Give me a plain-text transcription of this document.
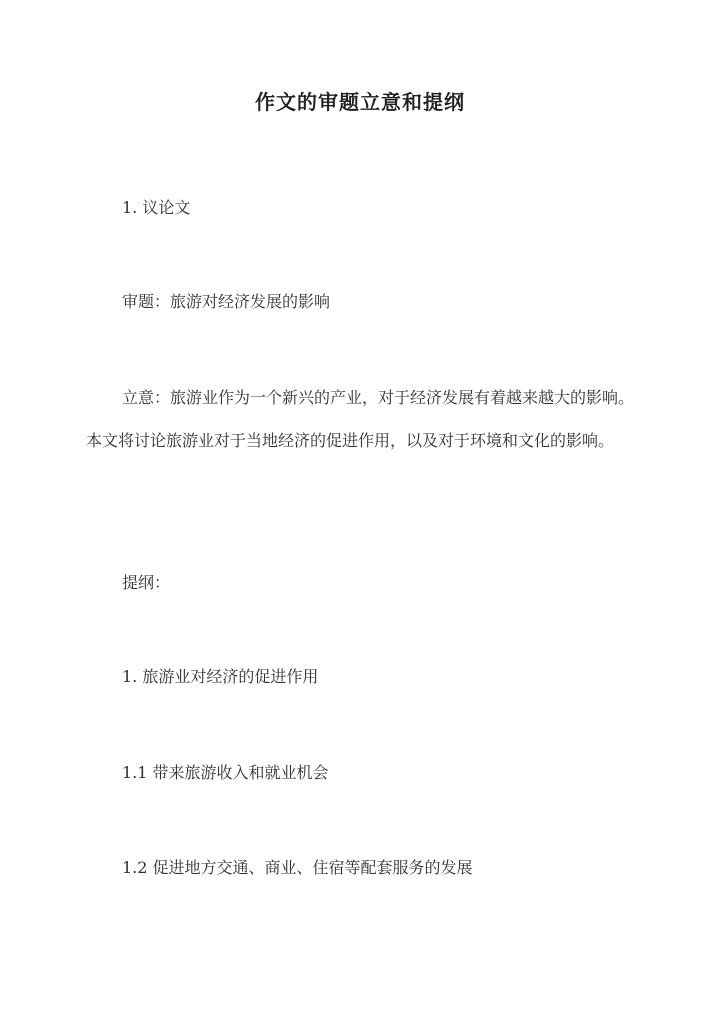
作文的审题立意和提纲
1. 议论文
审题：旅游对经济发展的影响
立意：旅游业作为一个新兴的产业，对于经济发展有着越来越大的影响。本文将讨论旅游业对于当地经济的促进作用，以及对于环境和文化的影响。
提纲：
1. 旅游业对经济的促进作用
1.1 带来旅游收入和就业机会
1.2 促进地方交通、商业、住宿等配套服务的发展
